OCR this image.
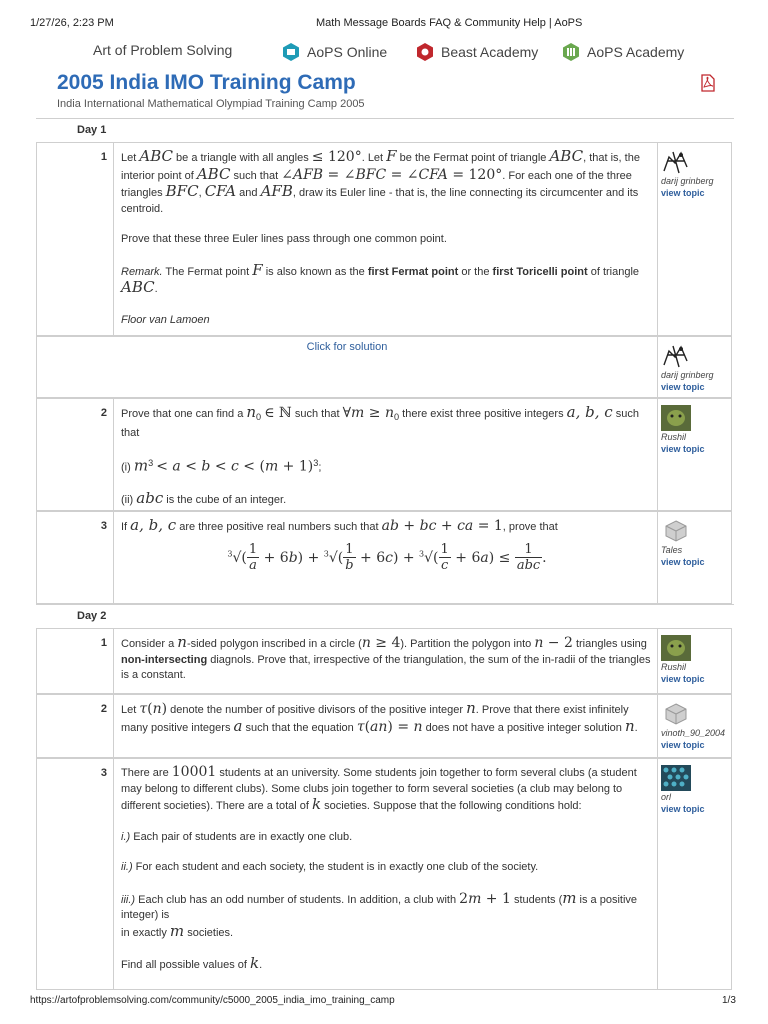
1/27/26, 2:23 PM	Math Message Boards FAQ & Community Help | AoPS
Art of Problem Solving	AoPS Online	Beast Academy	AoPS Academy
2005 India IMO Training Camp
India International Mathematical Olympiad Training Camp 2005
Day 1
1 Let ABC be a triangle with all angles ≤ 120°. Let F be the Fermat point of triangle ABC, that is, the interior point of ABC such that ∠AFB = ∠BFC = ∠CFA = 120°. For each one of the three triangles BFC, CFA and AFB, draw its Euler line - that is, the line connecting its circumcenter and its centroid.

Prove that these three Euler lines pass through one common point.

Remark. The Fermat point F is also known as the first Fermat point or the first Toricelli point of triangle ABC.

Floor van Lamoen

darij grinberg
view topic
Click for solution
darij grinberg
view topic
2 Prove that one can find a $n_0$ ∈ ℕ such that ∀m ≥ $n_0$ there exist three positive integers a, b, c such that

(i) $m^3 < a < b < c < (m + 1)^3$;

(ii) abc is the cube of an integer.

Rushil
view topic
3 If a, b, c are three positive real numbers such that ab + bc + ca = 1, prove that

$^3√( \frac{1}{a} + 6b) + ^3√( \frac{1}{b} + 6c) + ^3√( \frac{1}{c} + 6a) \le \frac{1}{\text{abc}}$ .	Tales
view topic
Day 2
1 Consider a n-sided polygon inscribed in a circle (n ≥ 4). Partition the polygon into n − 2 triangles using non-intersecting diagnols. Prove that, irrespective of the triangulation, the sum of the in-radii of the triangles is a constant.

Rushil
view topic
2 Let τ(n) denote the number of positive divisors of the positive integer n. Prove that there exist infinitely many positive integers a such that the equation τ(an) = n does not have a positive integer solution n.	vinoth_90_2004
view topic
3 There are 10001 students at an university. Some students join together to form several clubs (a student may belong to different clubs). Some clubs join together to form several societies (a club may belong to different societies). There are a total of k societies. Suppose that the following conditions hold:

i.) Each pair of students are in exactly one club.

ii.) For each student and each society, the student is in exactly one club of the society.

iii.) Each club has an odd number of students. In addition, a club with 2m + 1 students (m is a positive integer) is
in exactly m societies.

Find all possible values of k.

orl
view topic
https://artofproblemsolving.com/community/c5000_2005_india_imo_training_camp	1/3
